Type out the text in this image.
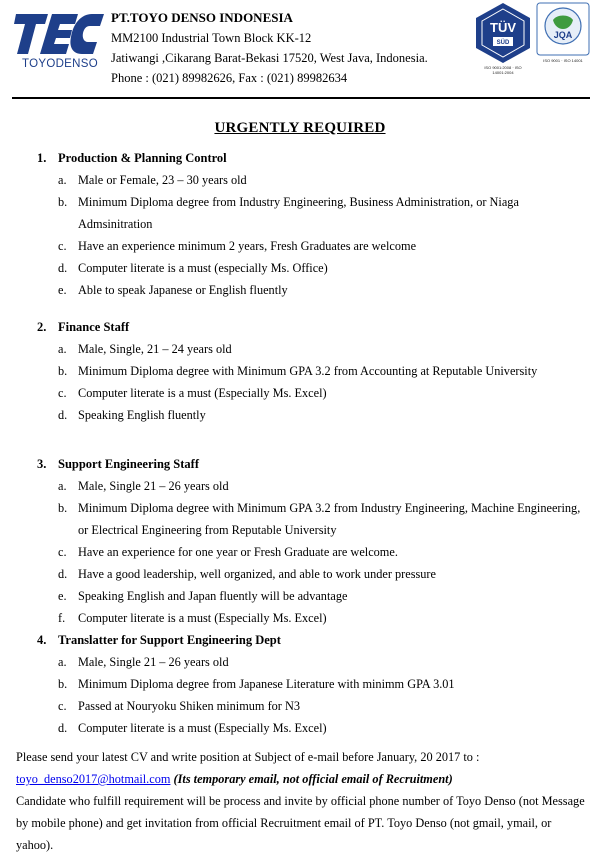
TOYODENSO
PT.TOYO DENSO INDONESIA
MM2100 Industrial Town Block KK-12
Jatiwangi ,Cikarang Barat-Bekasi 17520, West Java, Indonesia.
Phone : (021) 89982626, Fax : (021) 89982634
TÜV
SÜD
ISO 9001:2008 · ISO 14001:2004
JQA
ISO 9001 · ISO 14001
URGENTLY REQUIRED
1. Production & Planning Control
a. Male or Female, 23 – 30 years old
b. Minimum Diploma degree from Industry Engineering, Business Administration, or Niaga Admsinitration
c. Have an experience minimum 2 years, Fresh Graduates are welcome
d. Computer literate is a must (especially Ms. Office)
e. Able to speak Japanese or English fluently
2. Finance Staff
a. Male, Single, 21 – 24 years old
b. Minimum Diploma degree with Minimum GPA 3.2 from Accounting at Reputable University
c. Computer literate is a must (Especially Ms. Excel)
d. Speaking English fluently
3. Support Engineering Staff
a. Male, Single 21 – 26 years old
b. Minimum Diploma degree with Minimum GPA 3.2 from Industry Engineering, Machine Engineering, or Electrical Engineering from Reputable University
c. Have an experience for one year or Fresh Graduate are welcome.
d. Have a good leadership, well organized, and able to work under pressure
e. Speaking English and Japan fluently will be advantage
f. Computer literate is a must (Especially Ms. Excel)
4. Translatter for Support Engineering Dept
a. Male, Single 21 – 26 years old
b. Minimum Diploma degree from Japanese Literature with minimm GPA 3.01
c. Passed at Nouryoku Shiken minimum for N3
d. Computer literate is a must (Especially Ms. Excel)
Please send your latest CV and write position at Subject of e-mail before January, 20 2017 to :
toyo_denso2017@hotmail.com (Its temporary email, not official email of Recruitment)
Candidate who fulfill requirement will be process and invite by official phone number of Toyo Denso (not Message by mobile phone) and get invitation from official Recruitment email of PT. Toyo Denso (not gmail, ymail, or yahoo).
